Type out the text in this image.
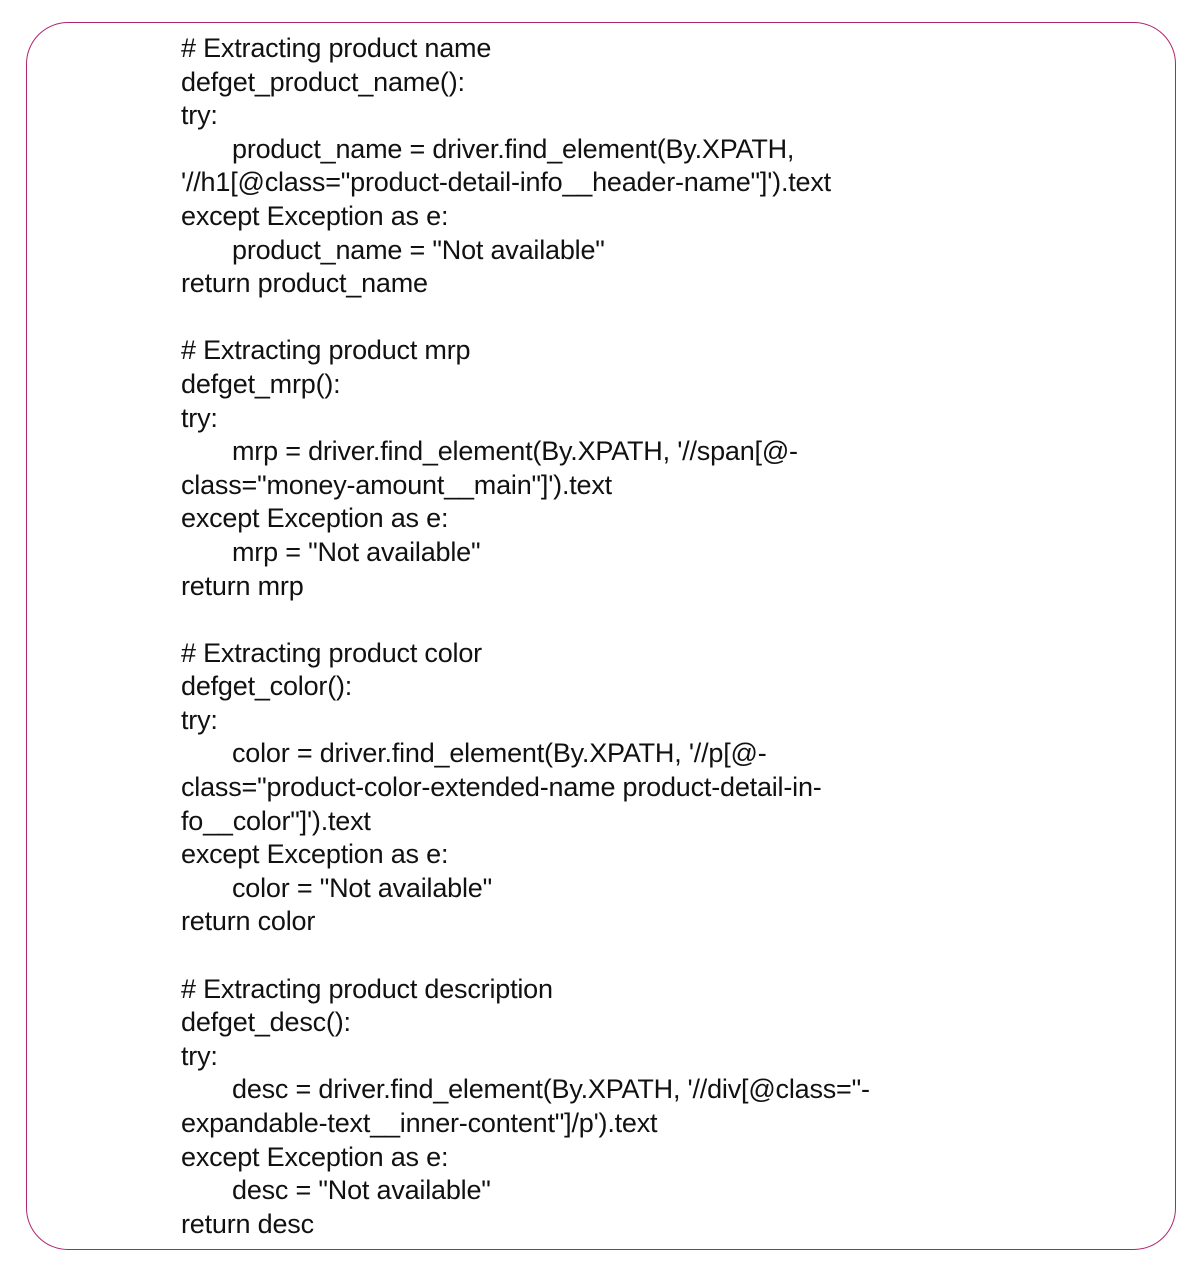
# Extracting product name
defget_product_name():
try:
product_name = driver.find_element(By.XPATH,
'//h1[@class="product-detail-info__header-name"]').text
except Exception as e:
product_name = "Not available"
return product_name
# Extracting product mrp
defget_mrp():
try:
mrp = driver.find_element(By.XPATH, '//span[@-
class="money-amount__main"]').text
except Exception as e:
mrp = "Not available"
return mrp
# Extracting product color
defget_color():
try:
color = driver.find_element(By.XPATH, '//p[@-
class="product-color-extended-name product-detail-in-
fo__color"]').text
except Exception as e:
color = "Not available"
return color
# Extracting product description
defget_desc():
try:
desc = driver.find_element(By.XPATH, '//div[@class="-
expandable-text__inner-content"]/p').text
except Exception as e:
desc = "Not available"
return desc
